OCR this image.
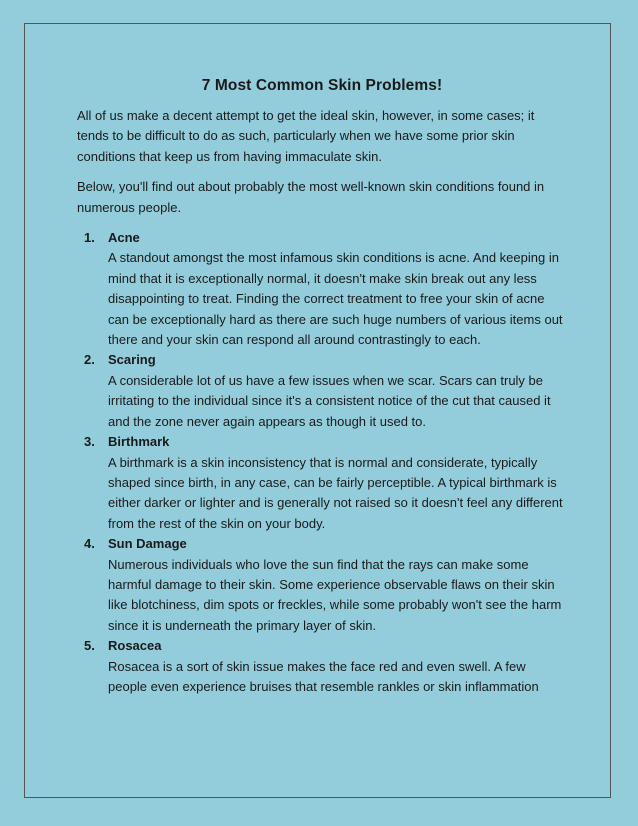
7 Most Common Skin Problems!

All of us make a decent attempt to get the ideal skin, however, in some cases; it tends to be difficult to do as such, particularly when we have some prior skin conditions that keep us from having immaculate skin.

Below, you'll find out about probably the most well-known skin conditions found in numerous people.

1. Acne
A standout amongst the most infamous skin conditions is acne. And keeping in mind that it is exceptionally normal, it doesn't make skin break out any less disappointing to treat. Finding the correct treatment to free your skin of acne can be exceptionally hard as there are such huge numbers of various items out there and your skin can respond all around contrastingly to each.
2. Scaring
A considerable lot of us have a few issues when we scar. Scars can truly be irritating to the individual since it's a consistent notice of the cut that caused it and the zone never again appears as though it used to.
3. Birthmark
A birthmark is a skin inconsistency that is normal and considerate, typically shaped since birth, in any case, can be fairly perceptible. A typical birthmark is either darker or lighter and is generally not raised so it doesn't feel any different from the rest of the skin on your body.
4. Sun Damage
Numerous individuals who love the sun find that the rays can make some harmful damage to their skin. Some experience observable flaws on their skin like blotchiness, dim spots or freckles, while some probably won't see the harm since it is underneath the primary layer of skin.
5. Rosacea
Rosacea is a sort of skin issue makes the face red and even swell. A few people even experience bruises that resemble rankles or skin inflammation
